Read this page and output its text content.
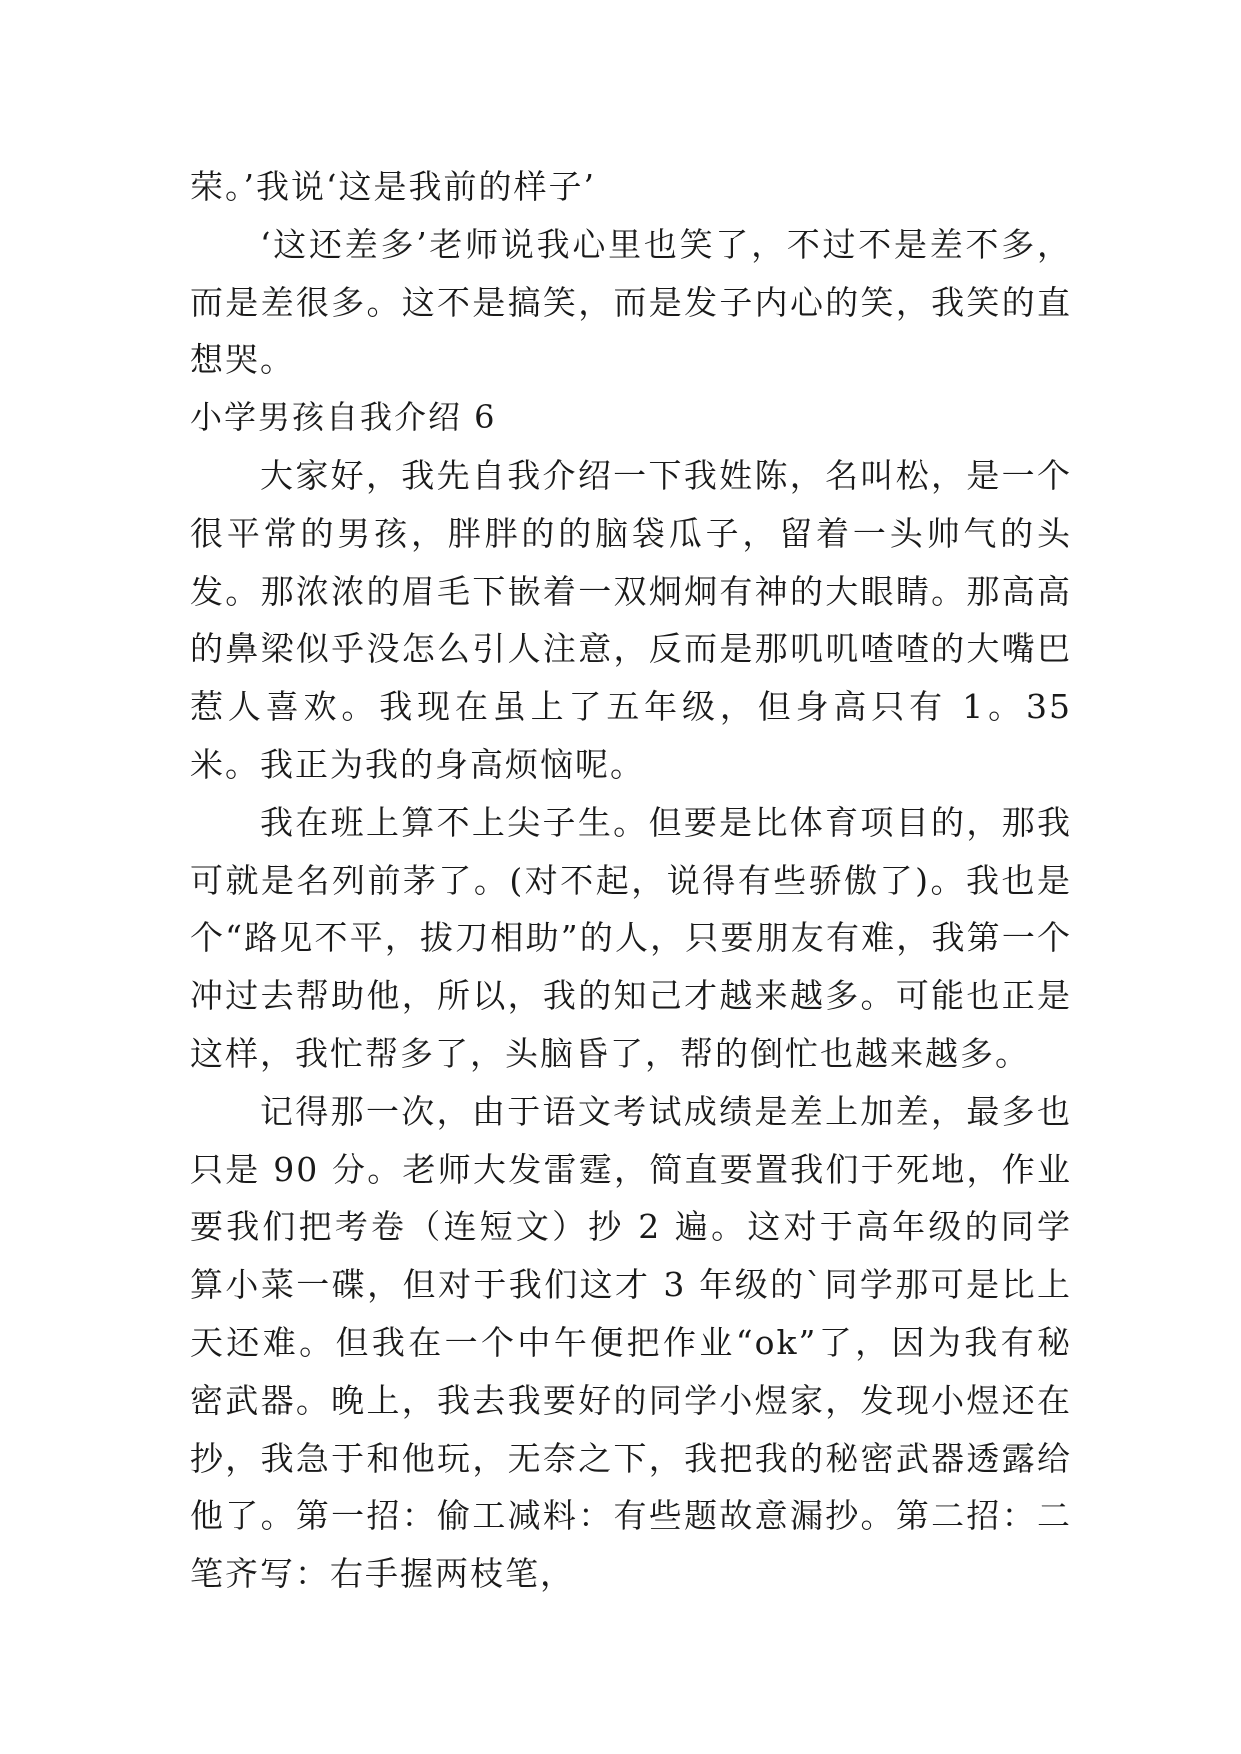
荣。’我说‘这是我前的样子’

‘这还差多’老师说我心里也笑了，不过不是差不多，而是差很多。这不是搞笑，而是发子内心的笑，我笑的直想哭。

小学男孩自我介绍 6

大家好，我先自我介绍一下我姓陈，名叫松，是一个很平常的男孩，胖胖的的脑袋瓜子，留着一头帅气的头发。那浓浓的眉毛下嵌着一双炯炯有神的大眼睛。那高高的鼻梁似乎没怎么引人注意，反而是那叽叽喳喳的大嘴巴惹人喜欢。我现在虽上了五年级，但身高只有 1。35 米。我正为我的身高烦恼呢。

我在班上算不上尖子生。但要是比体育项目的，那我可就是名列前茅了。(对不起，说得有些骄傲了)。我也是个“路见不平，拔刀相助”的人，只要朋友有难，我第一个冲过去帮助他，所以，我的知己才越来越多。可能也正是这样，我忙帮多了，头脑昏了，帮的倒忙也越来越多。

记得那一次，由于语文考试成绩是差上加差，最多也只是 90 分。老师大发雷霆，简直要置我们于死地，作业要我们把考卷（连短文）抄 2 遍。这对于高年级的同学算小菜一碟，但对于我们这才 3 年级的`同学那可是比上天还难。但我在一个中午便把作业“ok”了，因为我有秘密武器。晚上，我去我要好的同学小煜家，发现小煜还在抄，我急于和他玩，无奈之下，我把我的秘密武器透露给他了。第一招：偷工减料：有些题故意漏抄。第二招：二笔齐写：右手握两枝笔，
